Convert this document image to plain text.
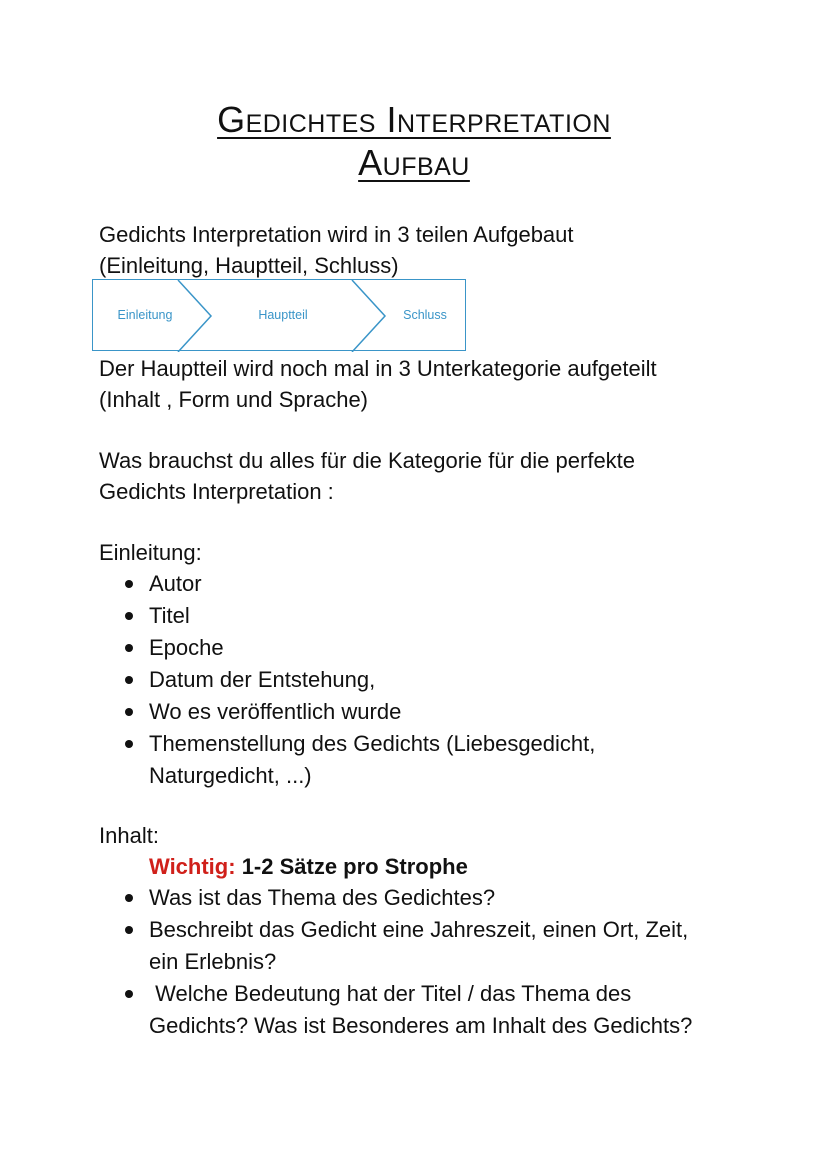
Gedichtes Interpretation
Aufbau
Gedichts Interpretation wird in 3 teilen Aufgebaut
(Einleitung, Hauptteil, Schluss)
Einleitung	Hauptteil	Schluss
Der Hauptteil wird noch mal in 3 Unterkategorie aufgeteilt
(Inhalt , Form und Sprache)
Was brauchst du alles für die Kategorie für die perfekte
Gedichts Interpretation :
Einleitung:
Autor
Titel
Epoche
Datum der Entstehung,
Wo es veröffentlich wurde
Themenstellung des Gedichts (Liebesgedicht,
Naturgedicht, ...)
Inhalt:
Wichtig: 1-2 Sätze pro Strophe
Was ist das Thema des Gedichtes?
Beschreibt das Gedicht eine Jahreszeit, einen Ort, Zeit,
ein Erlebnis?
Welche Bedeutung hat der Titel / das Thema des
Gedichts? Was ist Besonderes am Inhalt des Gedichts?
